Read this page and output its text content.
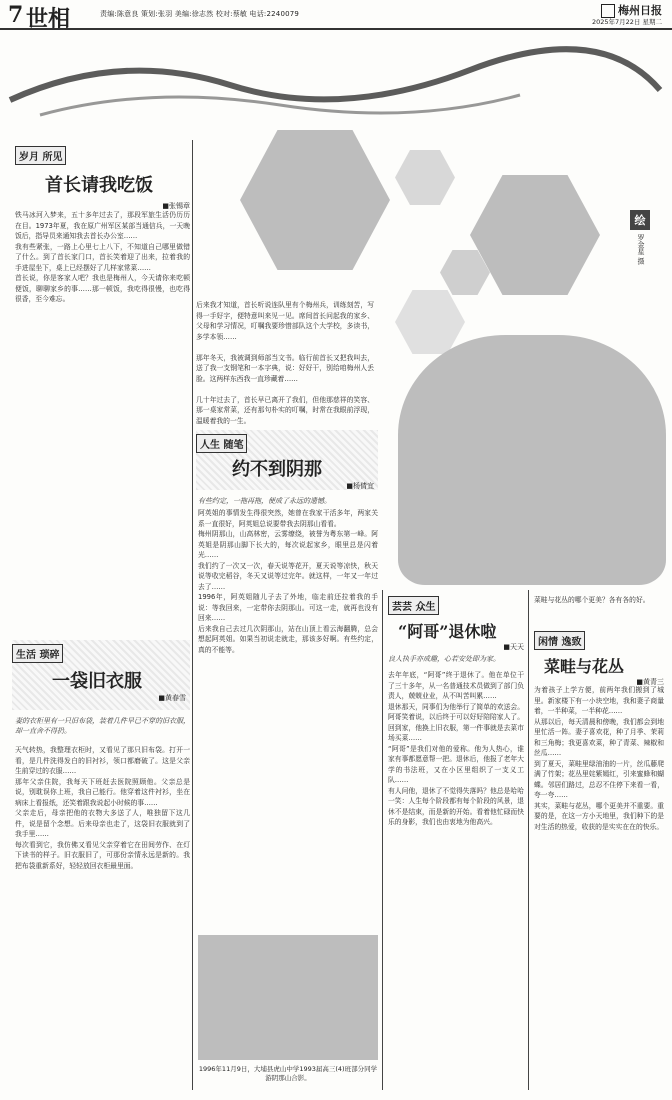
7 世相	责编:陈意良 策划:张羽 美编:徐志然 校对:蔡敏 电话:2240079	梅州日报
2025年7月22日 星期二
绘
罗金星 摄
岁月 所见
首长请我吃饭
■张锡章

铁马冰河入梦来，五十多年过去了，那段军旅生活仍历历在目。1973年夏，我在原广州军区某部当通信兵，一天晚饭后，指导员来通知我去首长办公室……
我有些紧张，一路上心里七上八下，不知道自己哪里做错了什么。到了首长家门口，首长笑着迎了出来，拉着我的手进屋坐下，桌上已经摆好了几样家常菜……
首长说，你是客家人吧？我也是梅州人，今天请你来吃顿便饭，聊聊家乡的事……那一顿饭，我吃得很慢，也吃得很香，至今难忘。

后来我才知道，首长听说连队里有个梅州兵，训练刻苦，写得一手好字，便特意叫来见一见。席间首长问起我的家乡、父母和学习情况，叮嘱我要珍惜部队这个大学校，多读书，多学本领……

那年冬天，我被调到师部当文书。临行前首长又把我叫去，送了我一支钢笔和一本字典，说：好好干，别给咱梅州人丢脸。这两样东西我一直珍藏着……

几十年过去了，首长早已离开了我们，但他那慈祥的笑容、那一桌家常菜，还有那句朴实的叮嘱，时常在我眼前浮现，温暖着我的一生。

生活 琐碎
一袋旧衣服
■黄春雪
妻的衣柜里有一只旧布袋，装着几件早已不穿的旧衣服，却一直舍不得扔。

天气转热，我整理衣柜时，又看见了那只旧布袋。打开一看，是几件洗得发白的旧衬衫，领口都磨破了。这是父亲生前穿过的衣服……
那年父亲住院，我每天下班赶去医院照顾他。父亲总是说，别耽误你上班，我自己能行。他穿着这件衬衫，坐在病床上看报纸，还笑着跟我说起小时候的事……
父亲走后，母亲把他的衣物大多送了人，唯独留下这几件，说是留个念想。后来母亲也走了，这袋旧衣服就到了我手里……
每次看到它，我仿佛又看见父亲穿着它在田间劳作、在灯下读书的样子。旧衣服旧了，可那份亲情永远是新的。我把布袋重新系好，轻轻放回衣柜最里面。

人生 随笔
约不到阴那
■杨倩宜
有些约定，一拖再拖，便成了永远的遗憾。

阿英姐的事情发生得很突然，她曾在我家干活多年，两家关系一直很好，阿英姐总说要带我去阴那山看看。
梅州阴那山，山高林密，云雾缭绕，被誉为粤东第一峰。阿英姐是阴那山脚下长大的，每次说起家乡，眼里总是闪着光……
我们约了一次又一次，春天说等花开，夏天说等凉快，秋天说等收完稻谷，冬天又说等过完年。就这样，一年又一年过去了……
1996年，阿英姐随儿子去了外地，临走前还拉着我的手说：等我回来，一定带你去阴那山。可这一走，就再也没有回来……
后来我自己去过几次阴那山，站在山顶上看云海翻腾，总会想起阿英姐。如果当初说走就走，那该多好啊。有些约定，真的不能等。

1996年11月9日，大埔县虎山中学1993届高三(4)班部分同学游阴那山合影。
芸芸 众生
“阿哥”退休啦
■天天
良人执手亦成趣，心若安处即为家。

去年年底，“阿哥”终于退休了。他在单位干了三十多年，从一名普通技术员做到了部门负责人，兢兢业业，从不叫苦叫累……
退休那天，同事们为他举行了简单的欢送会。阿哥笑着说，以后终于可以好好陪陪家人了。回到家，他换上旧衣服，第一件事就是去菜市场买菜……
“阿哥”是我们对他的爱称。他为人热心，谁家有事都愿意帮一把。退休后，他报了老年大学的书法班，又在小区里组织了一支义工队……
有人问他，退休了不觉得失落吗？他总是哈哈一笑：人生每个阶段都有每个阶段的风景，退休不是结束，而是新的开始。看着他忙碌而快乐的身影，我们也由衷地为他高兴。

菜畦与花丛的哪个更美？各有各的好。

闲情 逸致
菜畦与花丛
■黄青三

为着孩子上学方便，前两年我们搬到了城里。新家楼下有一小块空地，我和妻子商量着，一半种菜，一半种花……
从那以后，每天清晨和傍晚，我们都会到地里忙活一阵。妻子喜欢花，种了月季、茉莉和三角梅；我更喜欢菜，种了青菜、辣椒和丝瓜……
到了夏天，菜畦里绿油油的一片，丝瓜藤爬满了竹架；花丛里姹紫嫣红，引来蜜蜂和蝴蝶。邻居们路过，总忍不住停下来看一看，夸一夸……
其实，菜畦与花丛，哪个更美并不重要。重要的是，在这一方小天地里，我们种下的是对生活的热爱，收获的是实实在在的快乐。
